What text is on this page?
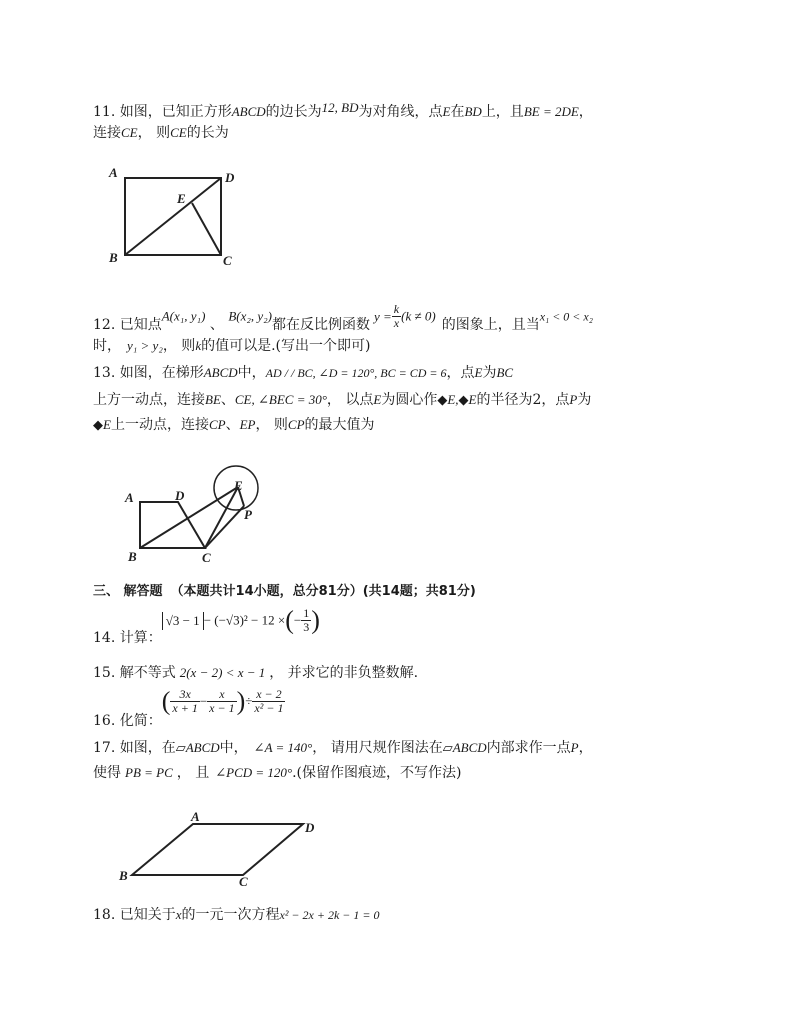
11. 如图，已知正方形ABCD的边长为12, BD为对角线，点E在BD上，且BE = 2DE，
连接CE， 则CE的长为
A	D
E
B	C
12. 已知点A(x₁, y₁) 、 B(x₂, y₂)都在反比例函数$y = \frac{k}{x} (k \ne 0)$的图象上，且当x₁ < 0 < x₂
时， y₁ > y₂， 则k的值可以是.(写出一个即可)
13. 如图，在梯形ABCD中，AD / / BC, ∠D = 120°, BC = CD = 6，点E为BC
上方一动点，连接BE、CE, ∠BEC = 30°， 以点E为圆心作◆E,◆E的半径为2，点P为
◆E上一动点，连接CP、EP， 则CP的最大值为
A	D
E
P
B	C
三、 解答题 （本题共计14小题，总分81分）(共14题；共81分)
14. 计算：√3 − 1 − (−√3)² − 12 ×(− $\frac{1}{3}$ )
15. 解不等式 2(x − 2) < x − 1 ， 并求它的非负整数解.
16. 化简：( $\frac{3x}{x + 1} - \frac{x}{x - 1}$ )÷ $\frac{x - 2}{\text{x² − 1}}$
17. 如图，在▱ABCD中， ∠A = 140°， 请用尺规作图法在▱ABCD内部求作一点P，
使得 PB = PC ， 且 ∠PCD = 120°.(保留作图痕迹，不写作法)
A
D
B	C
18. 已知关于x的一元一次方程x² − 2x + 2k − 1 = 0
